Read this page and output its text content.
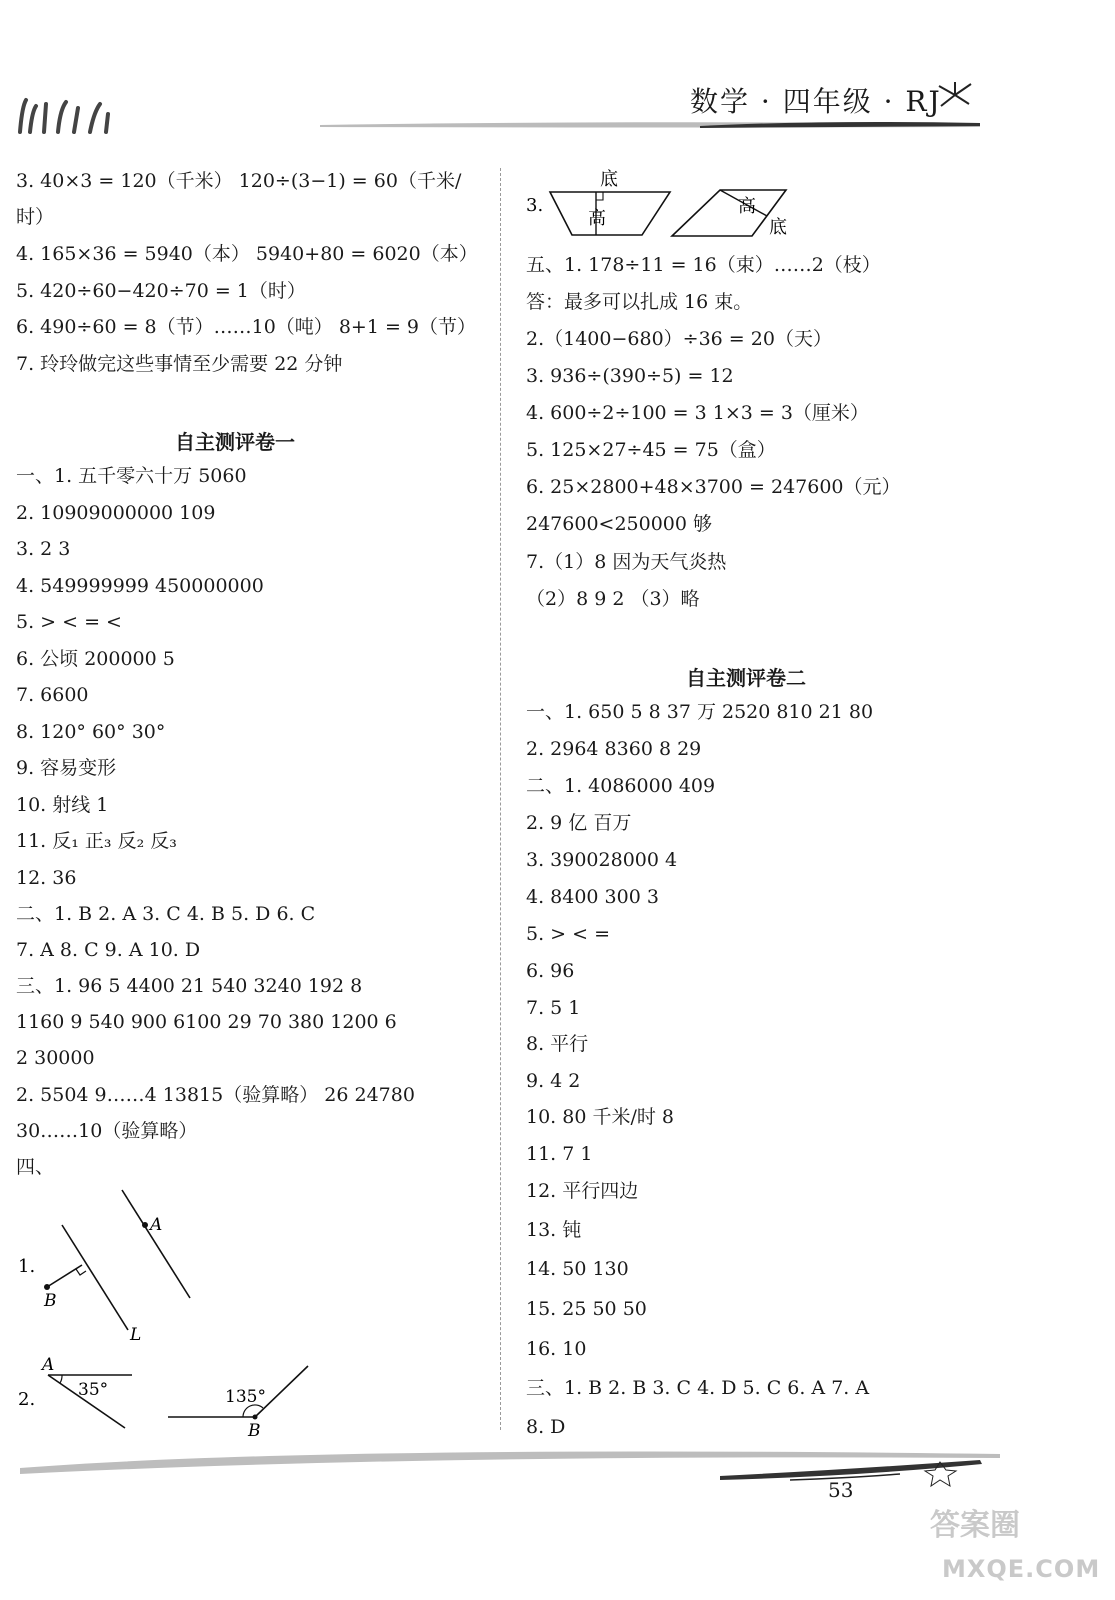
数学 · 四年级 · RJ
3. 40×3 = 120（千米） 120÷(3−1) = 60（千米/
时）
4. 165×36 = 5940（本） 5940+80 = 6020（本）
5. 420÷60−420÷70 = 1（时）
6. 490÷60 = 8（节）……10（吨） 8+1 = 9（节）
7. 玲玲做完这些事情至少需要 22 分钟
自主测评卷一
一、1. 五千零六十万 5060
2. 10909000000 109
3. 2 3
4. 549999999 450000000
5. > < = <
6. 公顷 200000 5
7. 6600
8. 120° 60° 30°
9. 容易变形
10. 射线 1
11. 反₁ 正₃ 反₂ 反₃
12. 36
二、1. B 2. A 3. C 4. B 5. D 6. C
7. A 8. C 9. A 10. D
三、1. 96 5 4400 21 540 3240 192 8
1160 9 540 900 6100 29 70 380 1200 6
2 30000
2. 5504 9……4 13815（验算略） 26 24780
30……10（验算略）
四、
1.
A
B
L
2.
A
35°	135°
B
3.
底
高
高
底
五、1. 178÷11 = 16（束）……2（枝）
答：最多可以扎成 16 束。
2.（1400−680）÷36 = 20（天）
3. 936÷(390÷5) = 12
4. 600÷2÷100 = 3 1×3 = 3（厘米）
5. 125×27÷45 = 75（盒）
6. 25×2800+48×3700 = 247600（元）
247600<250000 够
7.（1）8 因为天气炎热
（2）8 9 2 （3）略
自主测评卷二
一、1. 650 5 8 37 万 2520 810 21 80
2. 2964 8360 8 29
二、1. 4086000 409
2. 9 亿 百万
3. 390028000 4
4. 8400 300 3
5. > < =
6. 96
7. 5 1
8. 平行
9. 4 2
10. 80 千米/时 8
11. 7 1
12. 平行四边
13. 钝
14. 50 130
15. 25 50 50
16. 10
三、1. B 2. B 3. C 4. D 5. C 6. A 7. A
8. D
53
答案圈
MXQE.COM
